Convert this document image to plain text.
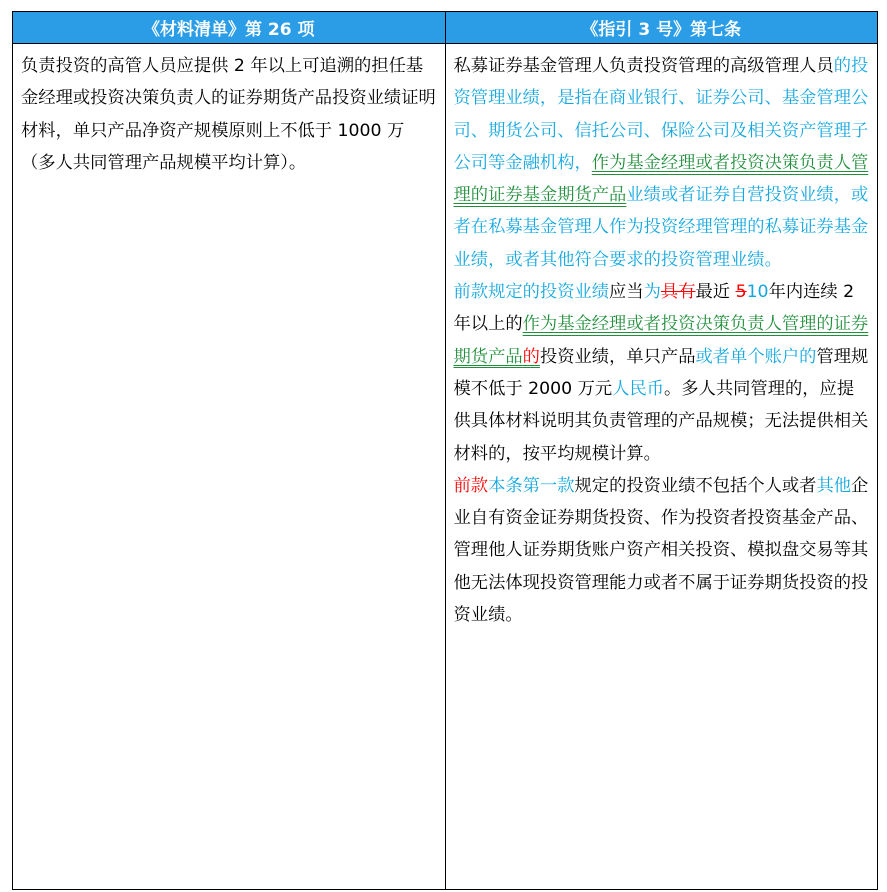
《材料清单》第 26 项	《指引 3 号》第七条
负责投资的高管人员应提供 2 年以上可追溯的担任基金经理或投资决策负责人的证券期货产品投资业绩证明材料，单只产品净资产规模原则上不低于 1000 万（多人共同管理产品规模平均计算）。	私募证券基金管理人负责投资管理的高级管理人员的投资管理业绩，是指在商业银行、证券公司、基金管理公司、期货公司、信托公司、保险公司及相关资产管理子公司等金融机构，作为基金经理或者投资决策负责人管理的证券基金期货产品业绩或者证券自营投资业绩，或者在私募基金管理人作为投资经理管理的私募证券基金业绩，或者其他符合要求的投资管理业绩。
前款规定的投资业绩应当为具有最近 510年内连续 2 年以上的作为基金经理或者投资决策负责人管理的证券期货产品的投资业绩，单只产品或者单个账户的管理规模不低于 2000 万元人民币。多人共同管理的，应提供具体材料说明其负责管理的产品规模；无法提供相关材料的，按平均规模计算。
前款本条第一款规定的投资业绩不包括个人或者其他企业自有资金证券期货投资、作为投资者投资基金产品、管理他人证券期货账户资产相关投资、模拟盘交易等其他无法体现投资管理能力或者不属于证券期货投资的投资业绩。
